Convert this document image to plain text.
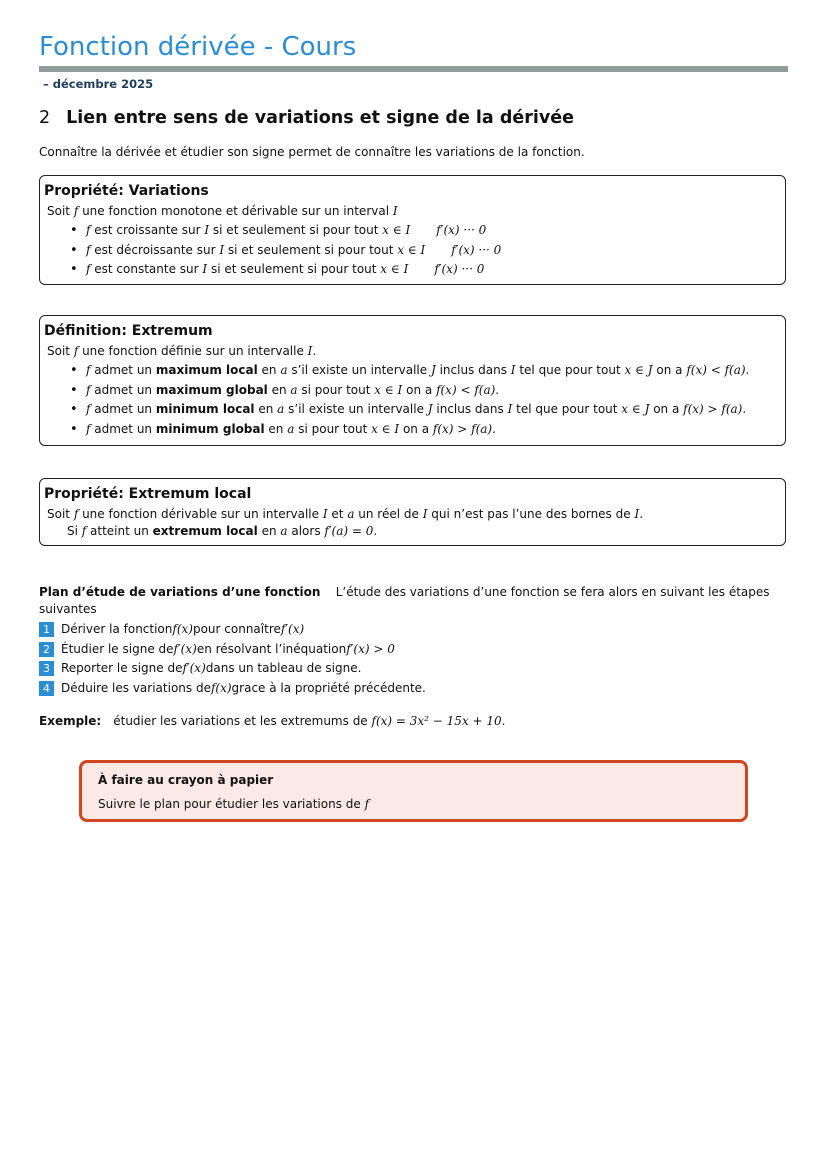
Fonction dérivée - Cours
– décembre 2025
2 Lien entre sens de variations et signe de la dérivée
Connaître la dérivée et étudier son signe permet de connaître les variations de la fonction.
Propriété: Variations
Soit f une fonction monotone et dérivable sur un interval I
• f est croissante sur I si et seulement si pour tout x ∈ I f′(x) ··· 0
• f est décroissante sur I si et seulement si pour tout x ∈ I f′(x) ··· 0
• f est constante sur I si et seulement si pour tout x ∈ I f′(x) ··· 0
Définition: Extremum
Soit f une fonction définie sur un intervalle I.
• f admet un maximum local en a s’il existe un intervalle J inclus dans I tel que pour tout x ∈ J on a f(x) < f(a).
• f admet un maximum global en a si pour tout x ∈ I on a f(x) < f(a).
• f admet un minimum local en a s’il existe un intervalle J inclus dans I tel que pour tout x ∈ J on a f(x) > f(a).
• f admet un minimum global en a si pour tout x ∈ I on a f(x) > f(a).
Propriété: Extremum local
Soit f une fonction dérivable sur un intervalle I et a un réel de I qui n’est pas l’une des bornes de I.
Si f atteint un extremum local en a alors f′(a) = 0.
Plan d’étude de variations d’une fonction L’étude des variations d’une fonction se fera alors en suivant les étapes suivantes
1 Dériver la fonction f(x) pour connaître f′(x)
2 Étudier le signe de f′(x) en résolvant l’inéquation f′(x) > 0
3 Reporter le signe de f′(x) dans un tableau de signe.
4 Déduire les variations de f(x) grace à la propriété précédente.
Exemple: étudier les variations et les extremums de f(x) = 3x² − 15x + 10.
À faire au crayon à papier
Suivre le plan pour étudier les variations de f
